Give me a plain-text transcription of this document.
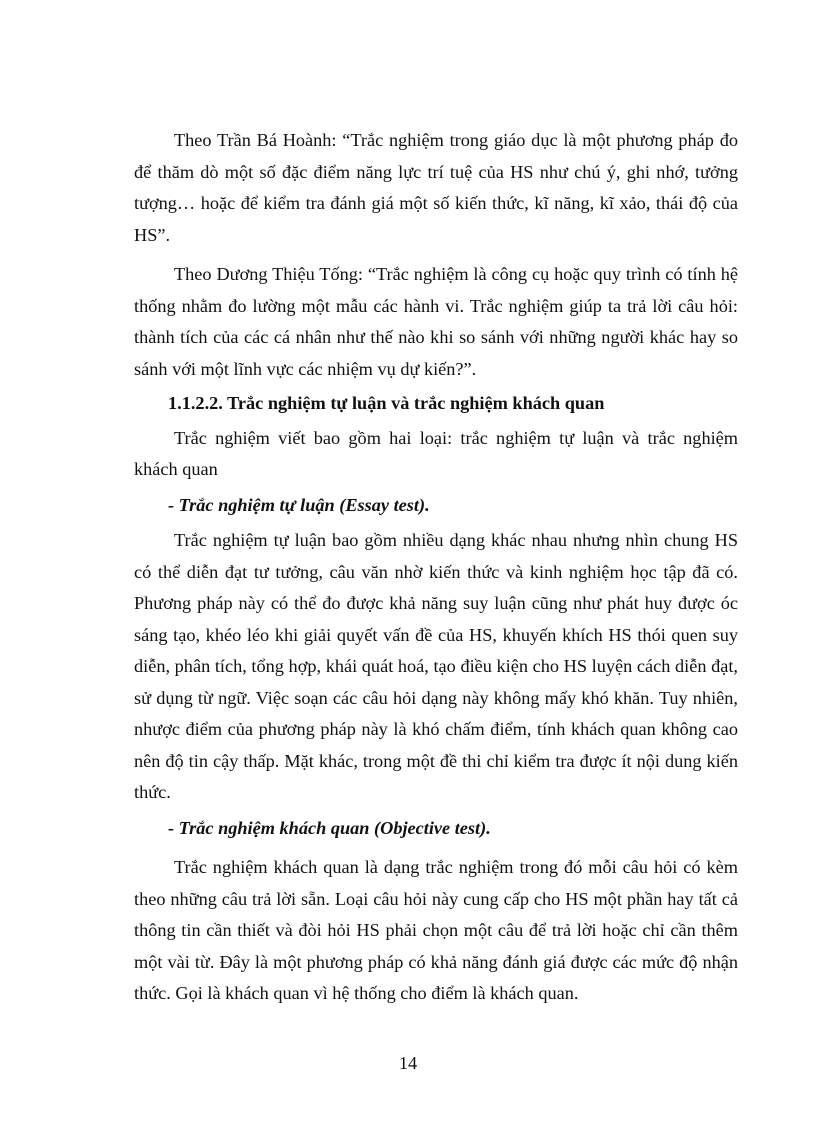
Theo Trần Bá Hoành: “Trắc nghiệm trong giáo dục là một phương pháp đo để thăm dò một số đặc điểm năng lực trí tuệ của HS như chú ý, ghi nhớ, tưởng tượng… hoặc để kiểm tra đánh giá một số kiến thức, kĩ năng, kĩ xảo, thái độ của HS”.

Theo Dương Thiệu Tống: “Trắc nghiệm là công cụ hoặc quy trình có tính hệ thống nhằm đo lường một mẫu các hành vi. Trắc nghiệm giúp ta trả lời câu hỏi: thành tích của các cá nhân như thế nào khi so sánh với những người khác hay so sánh với một lĩnh vực các nhiệm vụ dự kiến?”.

1.1.2.2. Trắc nghiệm tự luận và trắc nghiệm khách quan

Trắc nghiệm viết bao gồm hai loại: trắc nghiệm tự luận và trắc nghiệm khách quan

- Trắc nghiệm tự luận (Essay test).

Trắc nghiệm tự luận bao gồm nhiều dạng khác nhau nhưng nhìn chung HS có thể diễn đạt tư tưởng, câu văn nhờ kiến thức và kinh nghiệm học tập đã có. Phương pháp này có thể đo được khả năng suy luận cũng như phát huy được óc sáng tạo, khéo léo khi giải quyết vấn đề của HS, khuyến khích HS thói quen suy diễn, phân tích, tổng hợp, khái quát hoá, tạo điều kiện cho HS luyện cách diễn đạt, sử dụng từ ngữ. Việc soạn các câu hỏi dạng này không mấy khó khăn. Tuy nhiên, nhược điểm của phương pháp này là khó chấm điểm, tính khách quan không cao nên độ tin cậy thấp. Mặt khác, trong một đề thi chỉ kiểm tra được ít nội dung kiến thức.

- Trắc nghiệm khách quan (Objective test).

Trắc nghiệm khách quan là dạng trắc nghiệm trong đó mỗi câu hỏi có kèm theo những câu trả lời sẵn. Loại câu hỏi này cung cấp cho HS một phần hay tất cả thông tin cần thiết và đòi hỏi HS phải chọn một câu để trả lời hoặc chỉ cần thêm một vài từ. Đây là một phương pháp có khả năng đánh giá được các mức độ nhận thức. Gọi là khách quan vì hệ thống cho điểm là khách quan.

14
